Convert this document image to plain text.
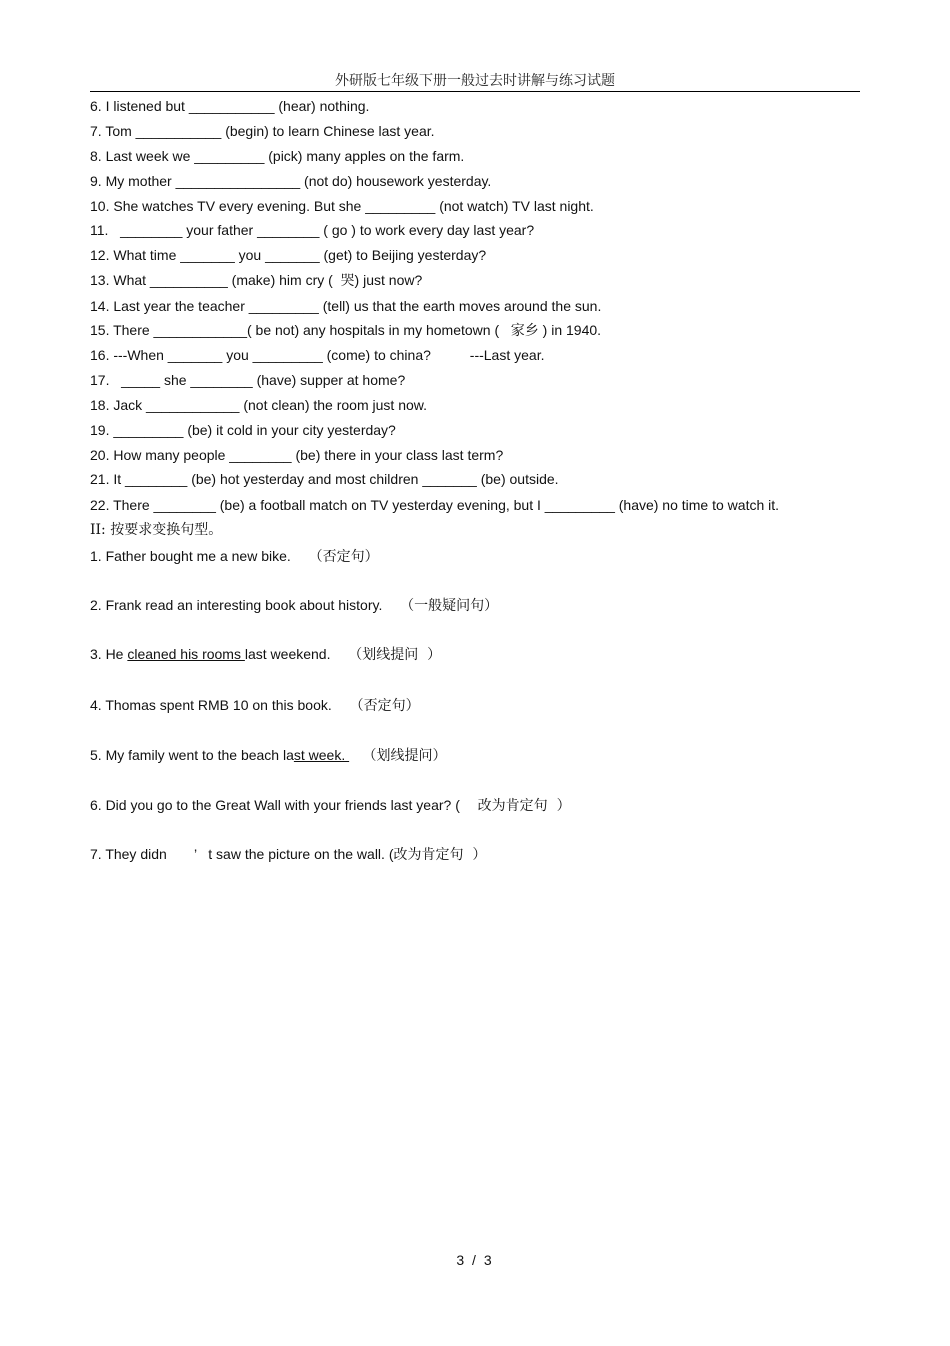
外研版七年级下册一般过去时讲解与练习试题
6. I listened but ___________ (hear) nothing.
7. Tom ___________ (begin) to learn Chinese last year.
8. Last week we _________ (pick) many apples on the farm.
9. My mother ________________ (not do) housework yesterday.
10. She watches TV every evening. But she _________ (not watch) TV last night.
11.   ________ your father ________ ( go ) to work every day last year?
12. What time _______ you _______ (get) to Beijing yesterday?
13. What __________ (make) him cry (  哭) just now?
14. Last year the teacher _________ (tell) us that the earth moves around the sun.
15. There ____________( be not) any hospitals in my hometown (   家乡 ) in 1940.
16. ---When _______ you _________ (come) to china?          ---Last year.
17.   _____ she ________ (have) supper at home?
18. Jack ____________ (not clean) the room just now.
19. _________ (be) it cold in your city yesterday?
20. How many people ________ (be) there in your class last term?
21. It ________ (be) hot yesterday and most children _______ (be) outside.
22. There ________ (be) a football match on TV yesterday evening, but I _________ (have) no time to watch it.
II: 按要求变换句型。
1. Father bought me a new bike.    （否定句）
2. Frank read an interesting book about history.    （一般疑问句）
3. He cleaned his rooms last weekend.    （划线提问  ）
4. Thomas spent RMB 10 on this book.    （否定句）
5. My family went to the beach last week.    （划线提问）
6. Did you go to the Great Wall with your friends last year? (    改为肯定句  ）
7. They didn       ’   t saw the picture on the wall. (改为肯定句  ）
3 / 3
